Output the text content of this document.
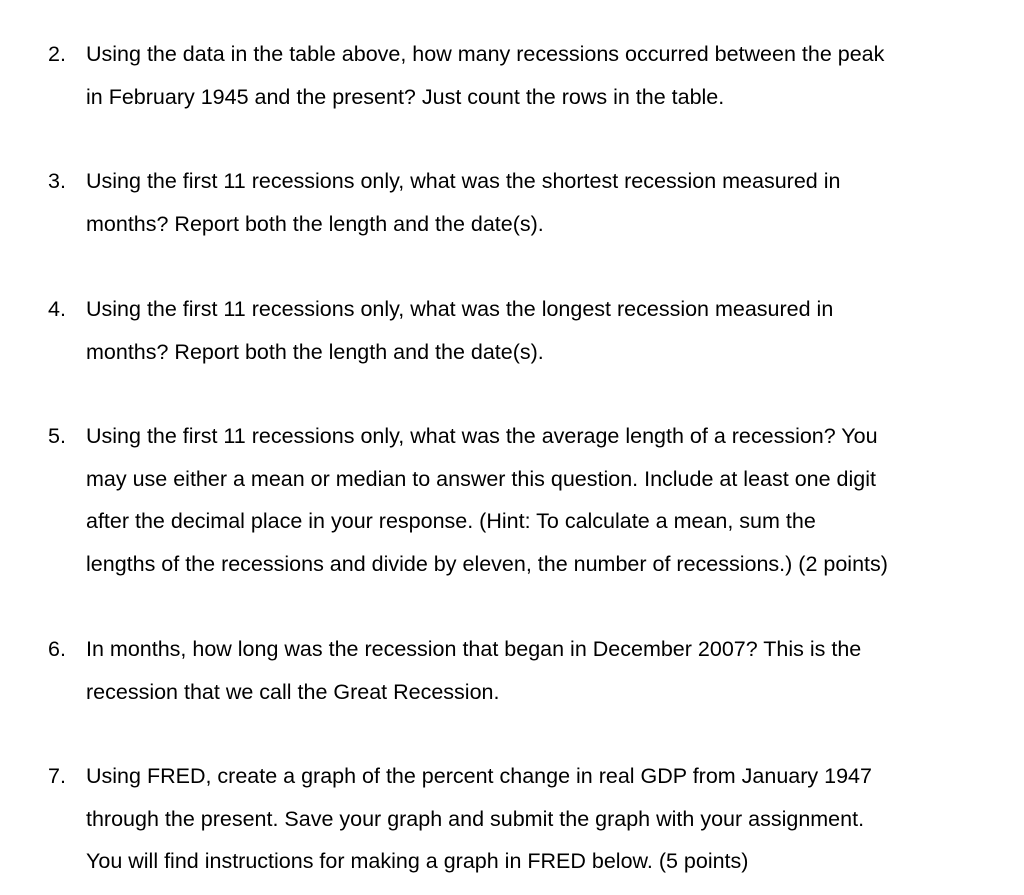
2. Using the data in the table above, how many recessions occurred between the peak
in February 1945 and the present? Just count the rows in the table.
3. Using the first 11 recessions only, what was the shortest recession measured in
months? Report both the length and the date(s).
4. Using the first 11 recessions only, what was the longest recession measured in
months? Report both the length and the date(s).
5. Using the first 11 recessions only, what was the average length of a recession? You
may use either a mean or median to answer this question. Include at least one digit
after the decimal place in your response. (Hint: To calculate a mean, sum the
lengths of the recessions and divide by eleven, the number of recessions.) (2 points)
6. In months, how long was the recession that began in December 2007? This is the
recession that we call the Great Recession.
7. Using FRED, create a graph of the percent change in real GDP from January 1947
through the present. Save your graph and submit the graph with your assignment.
You will find instructions for making a graph in FRED below. (5 points)
